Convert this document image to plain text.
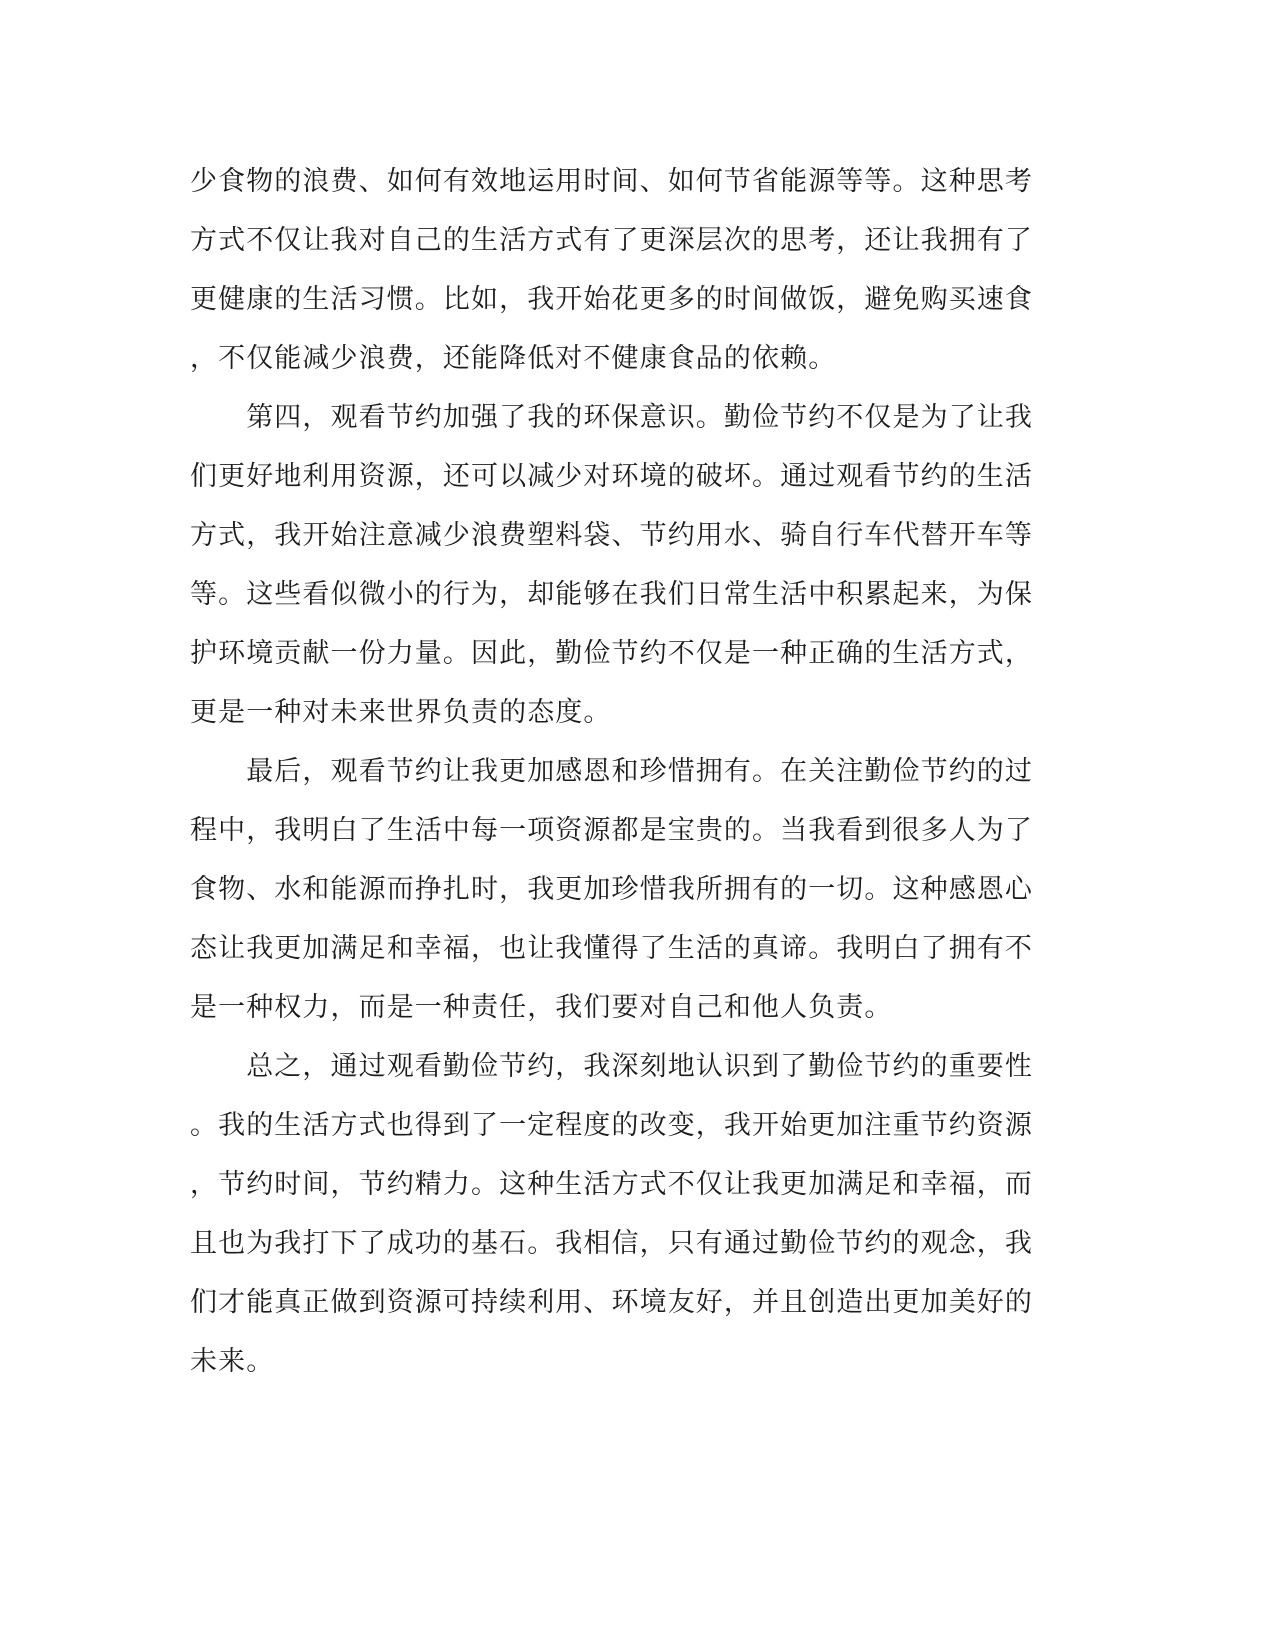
少食物的浪费、如何有效地运用时间、如何节省能源等等。这种思考

方式不仅让我对自己的生活方式有了更深层次的思考，还让我拥有了

更健康的生活习惯。比如，我开始花更多的时间做饭，避免购买速食

，不仅能减少浪费，还能降低对不健康食品的依赖。

　　第四，观看节约加强了我的环保意识。勤俭节约不仅是为了让我

们更好地利用资源，还可以减少对环境的破坏。通过观看节约的生活

方式，我开始注意减少浪费塑料袋、节约用水、骑自行车代替开车等

等。这些看似微小的行为，却能够在我们日常生活中积累起来，为保

护环境贡献一份力量。因此，勤俭节约不仅是一种正确的生活方式，

更是一种对未来世界负责的态度。

　　最后，观看节约让我更加感恩和珍惜拥有。在关注勤俭节约的过

程中，我明白了生活中每一项资源都是宝贵的。当我看到很多人为了

食物、水和能源而挣扎时，我更加珍惜我所拥有的一切。这种感恩心

态让我更加满足和幸福，也让我懂得了生活的真谛。我明白了拥有不

是一种权力，而是一种责任，我们要对自己和他人负责。

　　总之，通过观看勤俭节约，我深刻地认识到了勤俭节约的重要性

。我的生活方式也得到了一定程度的改变，我开始更加注重节约资源

，节约时间，节约精力。这种生活方式不仅让我更加满足和幸福，而

且也为我打下了成功的基石。我相信，只有通过勤俭节约的观念，我

们才能真正做到资源可持续利用、环境友好，并且创造出更加美好的

未来。
